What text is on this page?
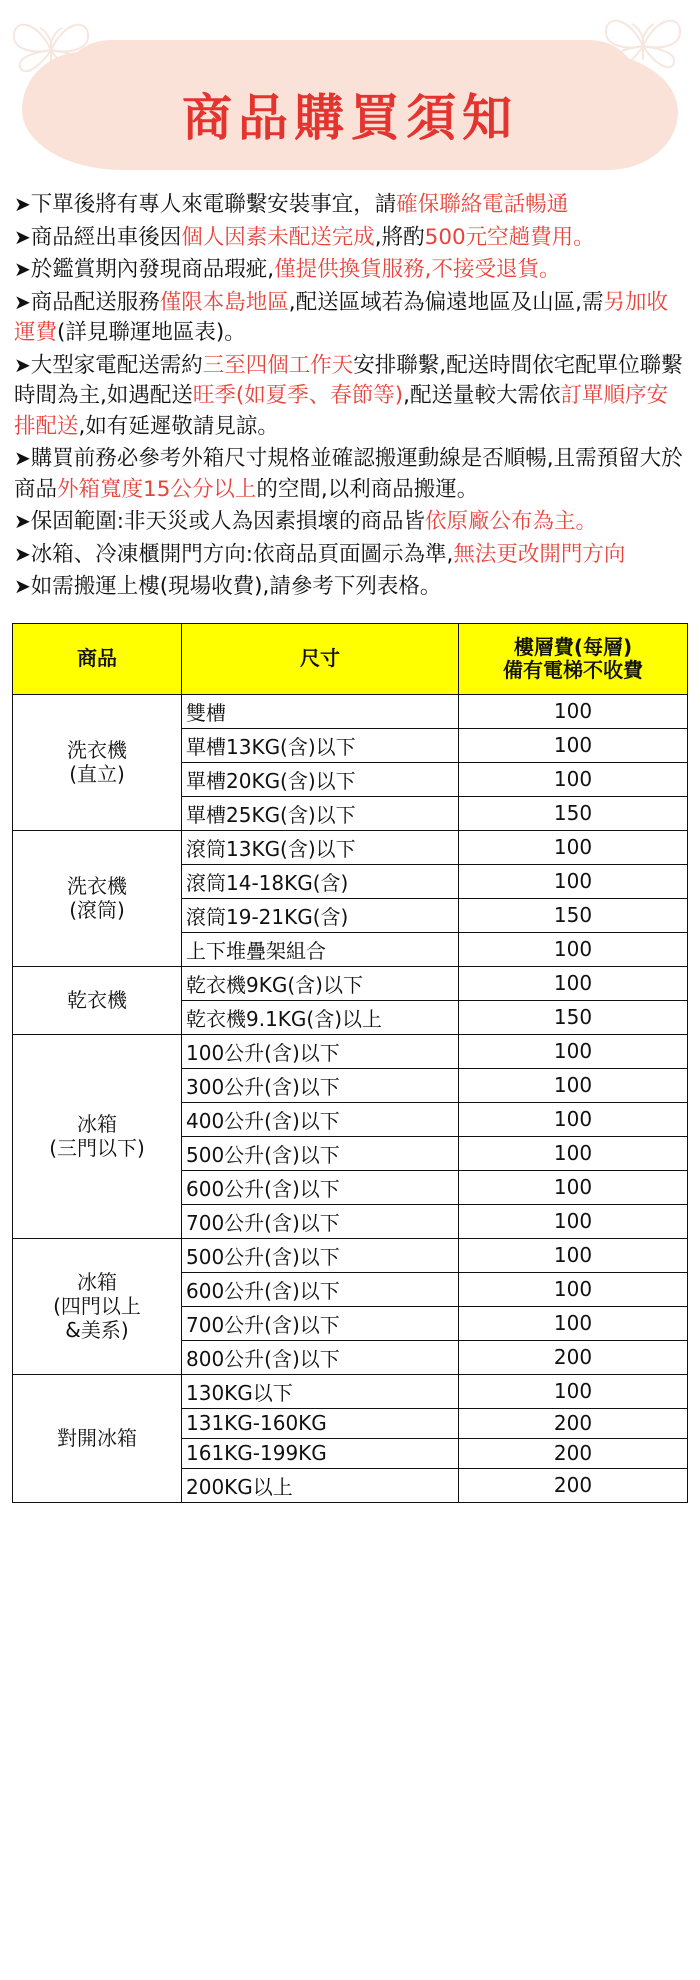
商品購買須知

➤下單後將有專人來電聯繫安裝事宜，請確保聯絡電話暢通

➤商品經出車後因個人因素未配送完成,將酌500元空趟費用。

➤於鑑賞期內發現商品瑕疵,僅提供換貨服務,不接受退貨。

➤商品配送服務僅限本島地區,配送區域若為偏遠地區及山區,需另加收運費(詳見聯運地區表)。

➤大型家電配送需約三至四個工作天安排聯繫,配送時間依宅配單位聯繫時間為主,如遇配送旺季(如夏季、春節等),配送量較大需依訂單順序安排配送,如有延遲敬請見諒。

➤購買前務必參考外箱尺寸規格並確認搬運動線是否順暢,且需預留大於商品外箱寬度15公分以上的空間,以利商品搬運。

➤保固範圍:非天災或人為因素損壞的商品皆依原廠公布為主。

➤冰箱、冷凍櫃開門方向:依商品頁面圖示為準,無法更改開門方向

➤如需搬運上樓(現場收費),請參考下列表格。

商品	尺寸	樓層費(每層)
備有電梯不收費

洗衣機
(直立)	雙槽	100
	單槽13KG(含)以下	100
	單槽20KG(含)以下	100
	單槽25KG(含)以下	150

洗衣機
(滾筒)	滾筒13KG(含)以下	100
	滾筒14-18KG(含)	100
	滾筒19-21KG(含)	150
	上下堆疊架組合	100

乾衣機	乾衣機9KG(含)以下	100
	乾衣機9.1KG(含)以上	150

冰箱
(三門以下)	100公升(含)以下	100
	300公升(含)以下	100
	400公升(含)以下	100
	500公升(含)以下	100
	600公升(含)以下	100
	700公升(含)以下	100

冰箱
(四門以上
&美系)	500公升(含)以下	100
	600公升(含)以下	100
	700公升(含)以下	100
	800公升(含)以下	200

對開冰箱	130KG以下	100
	131KG-160KG	200
	161KG-199KG	200
	200KG以上	200
